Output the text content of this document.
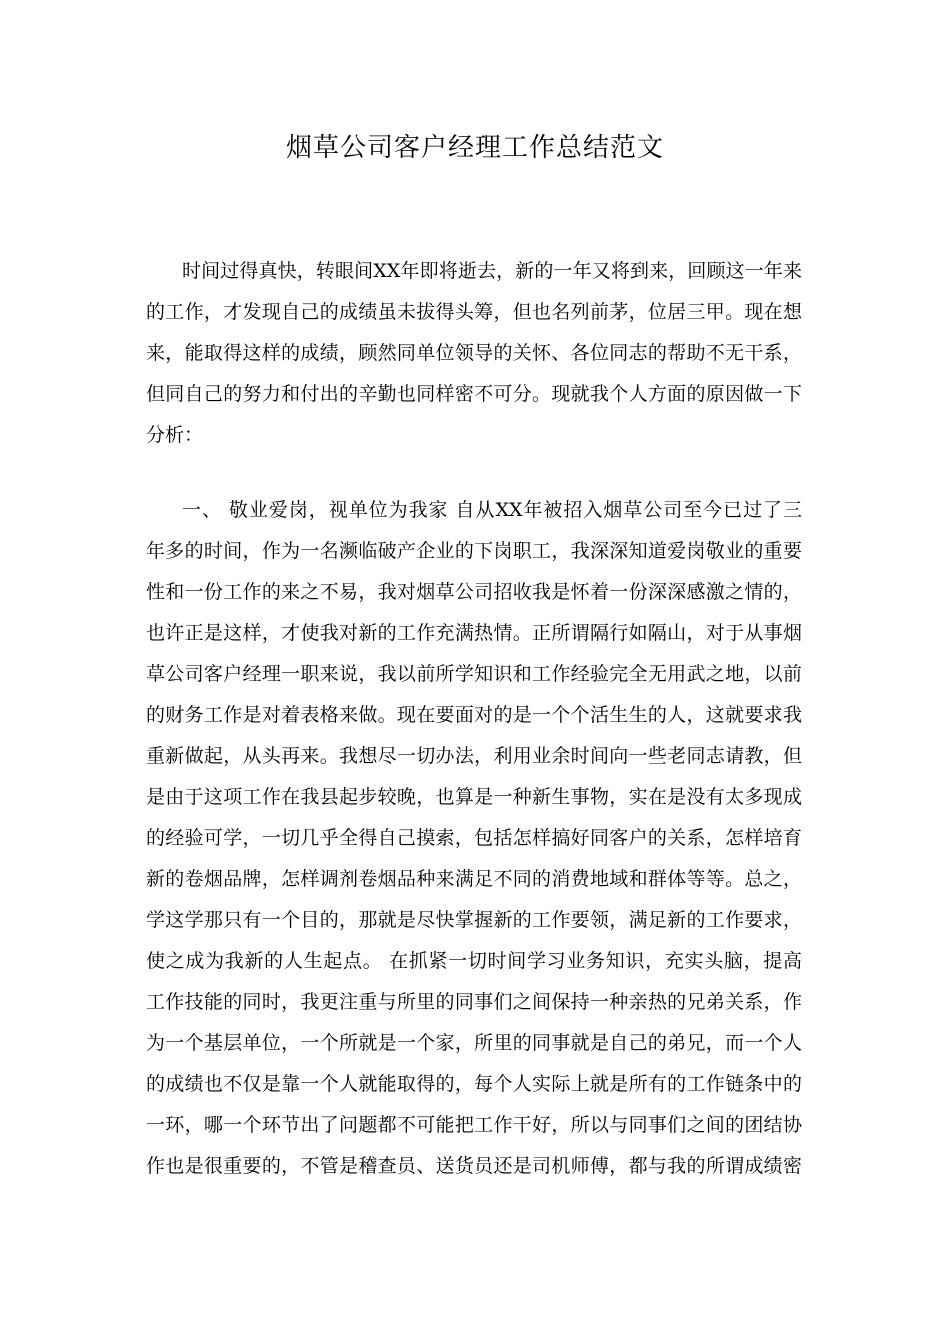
烟草公司客户经理工作总结范文
时间过得真快，转眼间XX年即将逝去，新的一年又将到来，回顾这一年来
的工作，才发现自己的成绩虽未拔得头筹，但也名列前茅，位居三甲。现在想
来，能取得这样的成绩，顾然同单位领导的关怀、各位同志的帮助不无干系，
但同自己的努力和付出的辛勤也同样密不可分。现就我个人方面的原因做一下
分析：
一、 敬业爱岗，视单位为我家 自从XX年被招入烟草公司至今已过了三
年多的时间，作为一名濒临破产企业的下岗职工，我深深知道爱岗敬业的重要
性和一份工作的来之不易，我对烟草公司招收我是怀着一份深深感激之情的，
也许正是这样，才使我对新的工作充满热情。正所谓隔行如隔山，对于从事烟
草公司客户经理一职来说，我以前所学知识和工作经验完全无用武之地，以前
的财务工作是对着表格来做。现在要面对的是一个个活生生的人，这就要求我
重新做起，从头再来。我想尽一切办法，利用业余时间向一些老同志请教，但
是由于这项工作在我县起步较晚，也算是一种新生事物，实在是没有太多现成
的经验可学，一切几乎全得自己摸索，包括怎样搞好同客户的关系，怎样培育
新的卷烟品牌，怎样调剂卷烟品种来满足不同的消费地域和群体等等。总之，
学这学那只有一个目的，那就是尽快掌握新的工作要领，满足新的工作要求，
使之成为我新的人生起点。 在抓紧一切时间学习业务知识，充实头脑，提高
工作技能的同时，我更注重与所里的同事们之间保持一种亲热的兄弟关系，作
为一个基层单位，一个所就是一个家，所里的同事就是自己的弟兄，而一个人
的成绩也不仅是靠一个人就能取得的，每个人实际上就是所有的工作链条中的
一环，哪一个环节出了问题都不可能把工作干好，所以与同事们之间的团结协
作也是很重要的，不管是稽查员、送货员还是司机师傅，都与我的所谓成绩密
